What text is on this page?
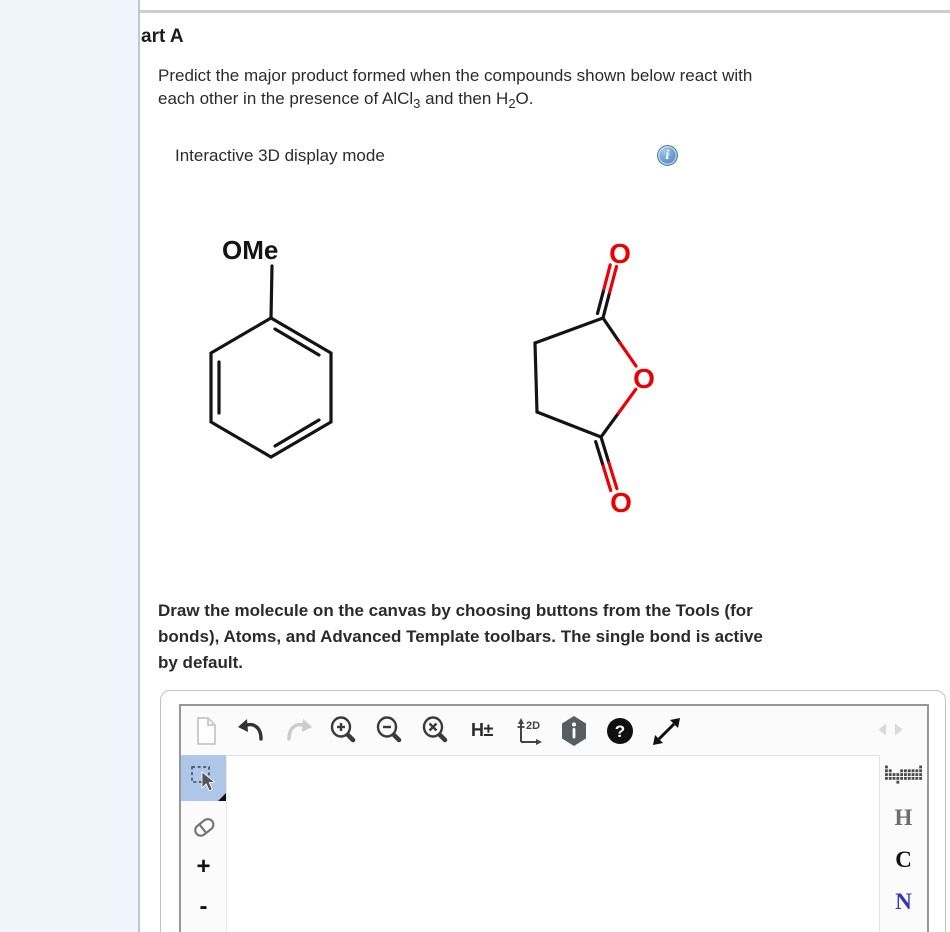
art A
Predict the major product formed when the compounds shown below react with
each other in the presence of AlCl$_3$ and then $H_2O$.
Interactive 3D display mode	i
OMe	O
O
O
Draw the molecule on the canvas by choosing buttons from the Tools (for
bonds), Atoms, and Advanced Template toolbars. The single bond is active
by default.
H±	2D	?
+
-
H
C
N
